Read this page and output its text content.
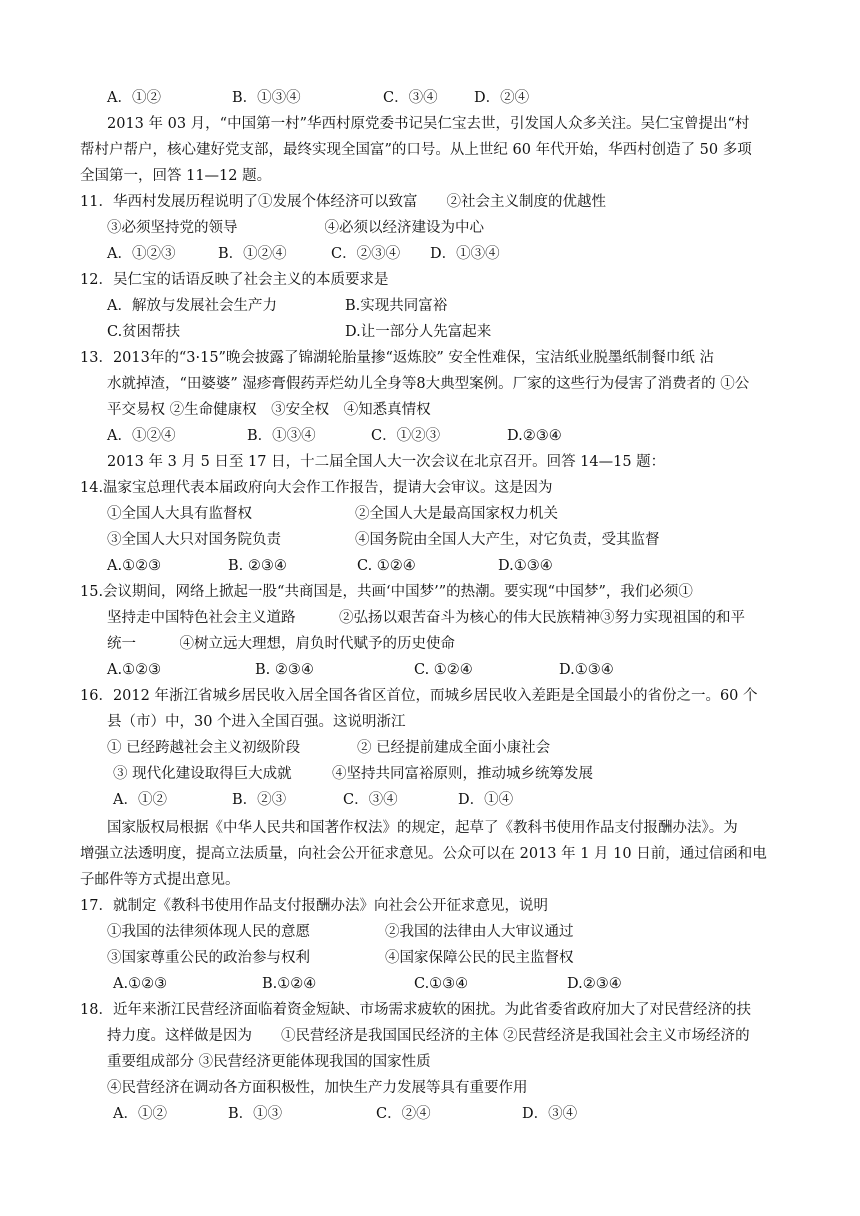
A．①②	B．①③④	C．③④	D．②④
2013 年 03 月，“中国第一村”华西村原党委书记吴仁宝去世，引发国人众多关注。吴仁宝曾提出“村
帮村户帮户，核心建好党支部，最终实现全国富”的口号。从上世纪 60 年代开始，华西村创造了 50 多项
全国第一，回答 11—12 题。
11．华西村发展历程说明了①发展个体经济可以致富　　②社会主义制度的优越性
③必须坚持党的领导　　　　　　④必须以经济建设为中心
A．①②③	B．①②④	C．②③④ D．①③④
12．吴仁宝的话语反映了社会主义的本质要求是
A．解放与发展社会生产力	B.实现共同富裕
C.贫困帮扶	D.让一部分人先富起来
13．2013年的“3·15”晚会披露了锦湖轮胎量掺“返炼胶” 安全性难保，宝洁纸业脱墨纸制餐巾纸 沾
水就掉渣，“田婆婆” 湿疹膏假药弄烂幼儿全身等8大典型案例。厂家的这些行为侵害了消费者的 ①公
平交易权 ②生命健康权　③安全权　④知悉真情权
A．①②④	B．①③④	C．①②③	D.②③④
2013 年 3 月 5 日至 17 日，十二届全国人大一次会议在北京召开。回答 14—15 题：
14.温家宝总理代表本届政府向大会作工作报告，提请大会审议。这是因为
①全国人大具有监督权	②全国人大是最高国家权力机关
③全国人大只对国务院负责	④国务院由全国人大产生，对它负责，受其监督
A.①②③	B. ②③④	C. ①②④	D.①③④
15.会议期间，网络上掀起一股“共商国是，共画‘中国梦’”的热潮。要实现“中国梦”，我们必须①
坚持走中国特色社会主义道路　　　②弘扬以艰苦奋斗为核心的伟大民族精神③努力实现祖国的和平
统一　　　④树立远大理想，肩负时代赋予的历史使命
A.①②③	B. ②③④	C. ①②④	D.①③④
16．2012 年浙江省城乡居民收入居全国各省区首位，而城乡居民收入差距是全国最小的省份之一。60 个
县（市）中，30 个进入全国百强。这说明浙江
① 已经跨越社会主义初级阶段	② 已经提前建成全面小康社会
③ 现代化建设取得巨大成就	④坚持共同富裕原则，推动城乡统筹发展
A．①②	B．②③	C．③④	D．①④
国家版权局根据《中华人民共和国著作权法》的规定，起草了《教科书使用作品支付报酬办法》。为
增强立法透明度，提高立法质量，向社会公开征求意见。公众可以在 2013 年 1 月 10 日前，通过信函和电
子邮件等方式提出意见。
17．就制定《教科书使用作品支付报酬办法》向社会公开征求意见，说明
①我国的法律须体现人民的意愿	②我国的法律由人大审议通过
③国家尊重公民的政治参与权利	④国家保障公民的民主监督权
A.①②③	B.①②④	C.①③④	D.②③④
18．近年来浙江民营经济面临着资金短缺、市场需求疲软的困扰。为此省委省政府加大了对民营经济的扶
持力度。这样做是因为　　①民营经济是我国国民经济的主体 ②民营经济是我国社会主义市场经济的
重要组成部分 ③民营经济更能体现我国的国家性质
④民营经济在调动各方面积极性，加快生产力发展等具有重要作用
A．①②	B．①③	C．②④	D．③④
